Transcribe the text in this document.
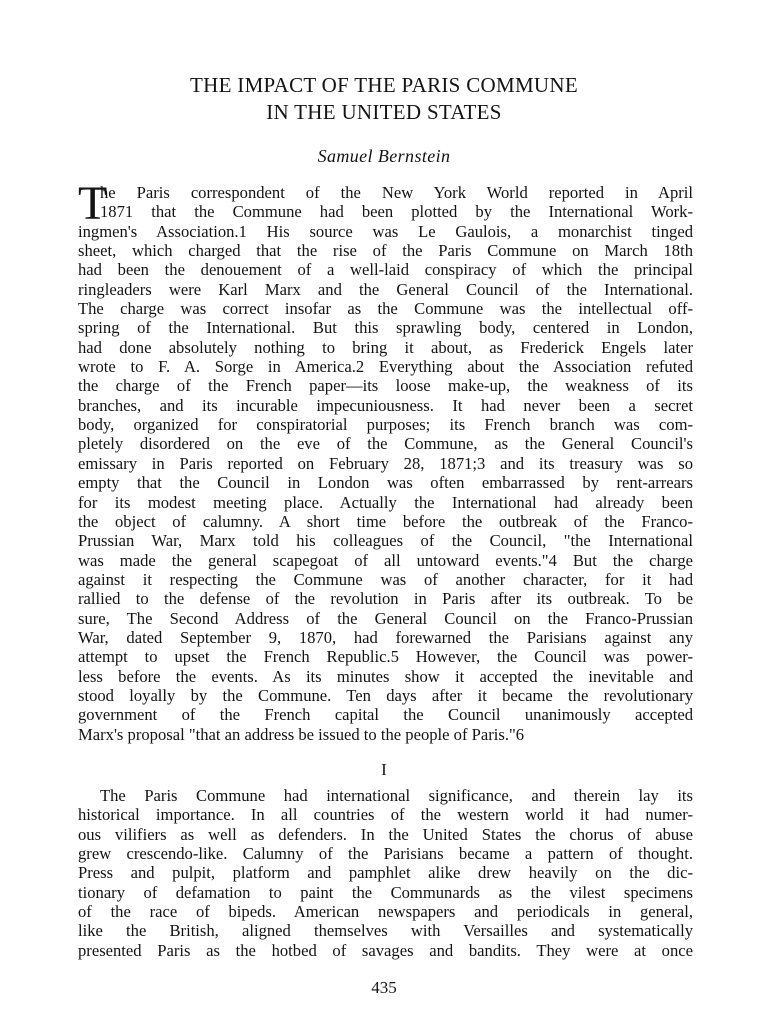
THE IMPACT OF THE PARIS COMMUNE
IN THE UNITED STATES
Samuel Bernstein
T
he Paris correspondent of the New York World reported in April
1871 that the Commune had been plotted by the International Work-
ingmen's Association.1 His source was Le Gaulois, a monarchist tinged
sheet, which charged that the rise of the Paris Commune on March 18th
had been the denouement of a well-laid conspiracy of which the principal
ringleaders were Karl Marx and the General Council of the International.
The charge was correct insofar as the Commune was the intellectual off-
spring of the International. But this sprawling body, centered in London,
had done absolutely nothing to bring it about, as Frederick Engels later
wrote to F. A. Sorge in America.2 Everything about the Association refuted
the charge of the French paper—its loose make-up, the weakness of its
branches, and its incurable impecuniousness. It had never been a secret
body, organized for conspiratorial purposes; its French branch was com-
pletely disordered on the eve of the Commune, as the General Council's
emissary in Paris reported on February 28, 1871;3 and its treasury was so
empty that the Council in London was often embarrassed by rent-arrears
for its modest meeting place. Actually the International had already been
the object of calumny. A short time before the outbreak of the Franco-
Prussian War, Marx told his colleagues of the Council, "the International
was made the general scapegoat of all untoward events."4 But the charge
against it respecting the Commune was of another character, for it had
rallied to the defense of the revolution in Paris after its outbreak. To be
sure, The Second Address of the General Council on the Franco-Prussian
War, dated September 9, 1870, had forewarned the Parisians against any
attempt to upset the French Republic.5 However, the Council was power-
less before the events. As its minutes show it accepted the inevitable and
stood loyally by the Commune. Ten days after it became the revolutionary
government of the French capital the Council unanimously accepted
Marx's proposal "that an address be issued to the people of Paris."6
I
The Paris Commune had international significance, and therein lay its
historical importance. In all countries of the western world it had numer-
ous vilifiers as well as defenders. In the United States the chorus of abuse
grew crescendo-like. Calumny of the Parisians became a pattern of thought.
Press and pulpit, platform and pamphlet alike drew heavily on the dic-
tionary of defamation to paint the Communards as the vilest specimens
of the race of bipeds. American newspapers and periodicals in general,
like the British, aligned themselves with Versailles and systematically
presented Paris as the hotbed of savages and bandits. They were at once
435
